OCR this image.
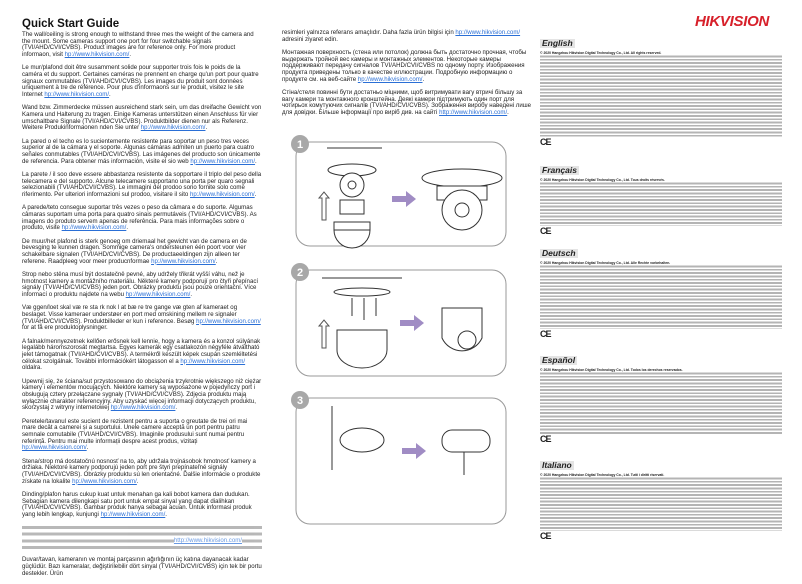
Quick Start Guide
The wall/ceiling is strong enough to withstand three mes the weight of the camera and the mount. Some cameras support one port for four switchable signals (TVI/AHD/CVI/CVBS). Product images are for reference only. For more product informaon, visit hp://www.hikvision.com/.
Le mur/plafond doit être susamment solide pour supporter trois fois le poids de la caméra et du support. Certaines caméras ne prennent en charge qu'un port pour quatre signaux commutables (TVI/AHD/CVI/CVBS). Les images du produit sont données uniquement à tre de référence. Pour plus d'informaons sur le produit, visitez le site Internet hp://www.hikvision.com/.
Wand bzw. Zimmerdecke müssen ausreichend stark sein, um das dreifache Gewicht von Kamera und Halterung zu tragen. Einige Kameras unterstützen einen Anschluss für vier umschaltbare Signale (TVI/AHD/CVI/CVBS). Produktbilder dienen nur als Referenz. Weitere Produkinformaonen nden Sie unter hp://www.hikvision.com/.
La pared o el techo es lo sucientemente resistente para soportar un peso tres veces superior al de la cámara y el soporte. Algunas cámaras admiten un puerto para cuatro señales conmutables (TVI/AHD/CVI/CVBS). Las imágenes del producto son únicamente de referencia. Para obtener más información, visite el sio web hp://www.hikvision.com/.
La parete / il soo deve essere abbastanza resistente da sopportare il triplo del peso della telecamera e del supporto. Alcune telecamere supportano una porta per quaro segnali selezionabili (TVI/AHD/CVI/CVBS). Le immagini del prodoo sono fornite solo come riferimento. Per ulteriori informazioni sul prodoo, visitare il sito hp://www.hikvision.com/.
A parede/teto consegue suportar três vezes o peso da câmara e do suporte. Algumas câmaras suportam uma porta para quatro sinais permutáveis (TVI/AHD/CVI/CVBS). As imagens do produto servem apenas de referência. Para mais informações sobre o produto, visite hp://www.hikvision.com/.
De muur/het plafond is sterk genoeg om driemaal het gewicht van de camera en de bevesging te kunnen dragen. Sommige camera's ondersteunen één poort voor vier schakelbare signalen (TVI/AHD/CVI/CVBS). De productaeeldingen zijn alleen ter referene. Raadpleeg voor meer producnformae hp://www.hikvision.com/.
Strop nebo stěna musí být dostatečně pevné, aby udržely třikrát vyšší váhu, než je hmotnost kamery a montážního materiálu. Některé kamery podporují pro čtyři přepínací signály (TVI/AHD/CVI/CVBS) jeden port. Obrázky produktu jsou pouze orientační. Více informací o produktu najdete na webu hp://www.hikvision.com/.
Væ ggen/loet skal væ re sta rk nok l at bæ re tre gange væ gten af kameraet og beslaget. Visse kameraer understøer en port med omskining mellem re signaler (TVI/AHD/CVI/CVBS). Produktbilleder er kun i reference. Besøg hp://www.hikvision.com/ for at få ere produktoplysninger.
A falnak/mennyezetnek kellően erősnek kell lennie, hogy a kamera és a konzol súlyának legalább háromszorosát megtartsa. Egyes kamerák egy csatlakozón négyféle átváltható jelet támogatnak (TVI/AHD/CVI/CVBS). A termékről készült képek csupán szemléltetési célokat szolgálnak. További információkért látogasson el a hp://www.hikvision.com/ oldalra.
Upewnij się, że ściana/sut przystosowano do obciążenia trzykrotnie większego niż ciężar kamery i elementów mocujących. Niektóre kamery są wyposażone w pojedynczy port i obsługują cztery przełączane sygnały (TVI/AHD/CVI/CVBS). Zdjęcia produktu mają wyłącznie charakter referencyjny. Aby uzyskać więcej informacji dotyczących produktu, skorzystaj z witryny internetowej hp://www.hikvision.com/.
Peretele/tavanul este sucient de rezistent pentru a suporta o greutate de trei ori mai mare decât a camerei și a suportului. Unele camere acceptă un port pentru patru semnale comutabile (TVI/AHD/CVI/CVBS). Imaginile produsului sunt numai pentru referință. Pentru mai multe informații despre acest produs, vizitați hp://www.hikvision.com/.
Stena/strop má dostatočnú nosnosť na to, aby udržala trojnásobok hmotnosť kamery a držiaka. Niektoré kamery podporujú jeden port pre štyri prepínateľné signály (TVI/AHD/CVI/CVBS). Obrázky produktu sú len orientačné. Ďalšie informácie o produkte získate na lokalite hp://www.hikvision.com/.
Dinding/plafon harus cukup kuat untuk menahan ga kali bobot kamera dan dudukan. Sebagian kamera dilengkapi satu port untuk empat sinyal yang dapat dialihkan (TVI/AHD/CVI/CVBS). Gambar produk hanya sebagai acuan. Untuk informasi produk yang lebih lengkap, kunjungi hp://www.hikvision.com/.
http://www.hikvision.com/
Duvar/tavan, kameranın ve montaj parçasının ağırlığının üç katına dayanacak kadar güçlüdür. Bazı kameralar, değiştirilebilir dört sinyal (TVI/AHD/CVI/CVBS) için tek bir portu destekler. Ürün
resimleri yalnızca referans amaçlıdır. Daha fazla ürün bilgisi için hp://www.hikvision.com/ adresini ziyaret edin.
Монтажная поверхность (стена или потолок) должна быть достаточно прочная, чтобы выдержать тройной вес камеры и монтажных элементов. Некоторые камеры поддерживают передачу сигналов TVI/AHD/CVI/CVBS по одному порту. Изображения продукта приведены только в качестве иллюстрации. Подробную информацию о продукте см. на веб-сайте hp://www.hikvision.com/.
Стіна/стеля повинні бути достатньо міцними, щоб витримувати вагу втричі більшу за вагу камери та монтажного кронштейна. Деякі камери підтримують один порт для чотирьох комутуючих сигналів (TVI/AHD/CVI/CVBS). Зображення виробу наведені лише для довідки. Більше інформації про виріб див. на сайті http://www.hikvision.com/.
1
2
3
HIKVISION
English
© 2020 Hangzhou Hikvision Digital Technology Co., Ltd. All rights reserved.
CE
Français
© 2020 Hangzhou Hikvision Digital Technology Co., Ltd. Tous droits réservés.
CE
Deutsch
© 2020 Hangzhou Hikvision Digital Technology Co., Ltd. Alle Rechte vorbehalten.
CE
Español
© 2020 Hangzhou Hikvision Digital Technology Co., Ltd. Todos los derechos reservados.
CE
Italiano
© 2020 Hangzhou Hikvision Digital Technology Co., Ltd. Tutti i diritti riservati.
CE
